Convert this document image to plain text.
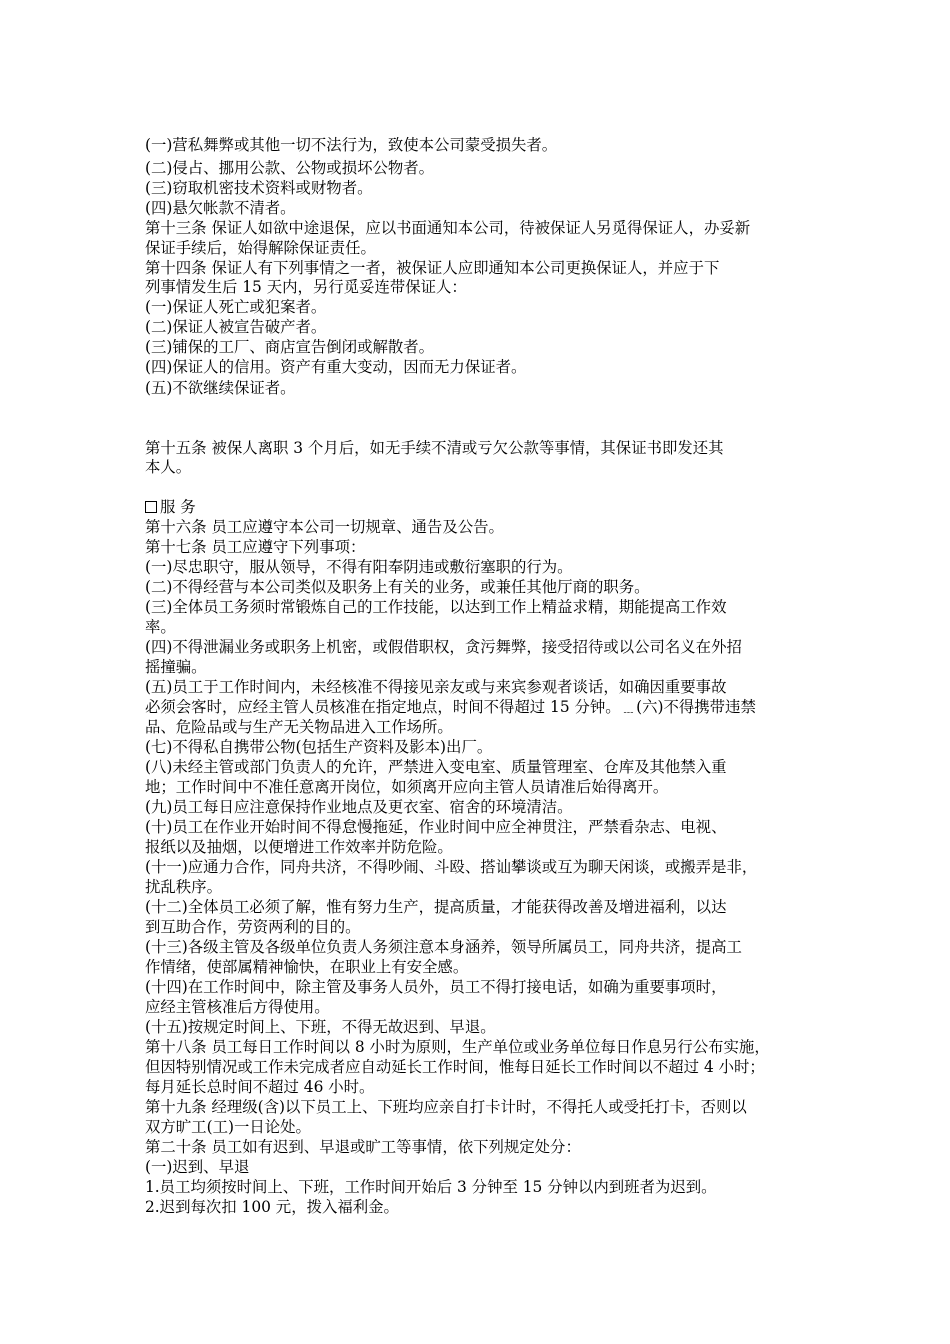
(一)营私舞弊或其他一切不法行为，致使本公司蒙受损失者。
(二)侵占、挪用公款、公物或损坏公物者。
(三)窃取机密技术资料或财物者。
(四)悬欠帐款不清者。
第十三条 保证人如欲中途退保，应以书面通知本公司，待被保证人另觅得保证人，办妥新
保证手续后，始得解除保证责任。
第十四条 保证人有下列事情之一者，被保证人应即通知本公司更换保证人，并应于下
列事情发生后 15 天内，另行觅妥连带保证人：
(一)保证人死亡或犯案者。
(二)保证人被宣告破产者。
(三)铺保的工厂、商店宣告倒闭或解散者。
(四)保证人的信用。资产有重大变动，因而无力保证者。
(五)不欲继续保证者。
第十五条 被保人离职 3 个月后，如无手续不清或亏欠公款等事情，其保证书即发还其
本人。
服 务
第十六条 员工应遵守本公司一切规章、通告及公告。
第十七条 员工应遵守下列事项：
(一)尽忠职守，服从领导，不得有阳奉阴违或敷衍塞职的行为。
(二)不得经营与本公司类似及职务上有关的业务，或兼任其他厅商的职务。
(三)全体员工务须时常锻炼自己的工作技能，以达到工作上精益求精，期能提高工作效
率。
(四)不得泄漏业务或职务上机密，或假借职权，贪污舞弊，接受招待或以公司名义在外招
摇撞骗。
(五)员工于工作时间内，未经核准不得接见亲友或与来宾参观者谈话，如确因重要事故
必须会客时，应经主管人员核准在指定地点，时间不得超过 15 分钟。﹍(六)不得携带违禁
品、危险品或与生产无关物品进入工作场所。
(七)不得私自携带公物(包括生产资料及影本)出厂。
(八)未经主管或部门负责人的允许，严禁进入变电室、质量管理室、仓库及其他禁入重
地；工作时间中不准任意离开岗位，如须离开应向主管人员请准后始得离开。
(九)员工每日应注意保持作业地点及更衣室、宿舍的环境清洁。
(十)员工在作业开始时间不得怠慢拖延，作业时间中应全神贯注，严禁看杂志、电视、
报纸以及抽烟，以便增进工作效率并防危险。
(十一)应通力合作，同舟共济，不得吵闹、斗殴、搭讪攀谈或互为聊天闲谈，或搬弄是非，
扰乱秩序。
(十二)全体员工必须了解，惟有努力生产，提高质量，才能获得改善及增进福利，以达
到互助合作，劳资两利的目的。
(十三)各级主管及各级单位负责人务须注意本身涵养，领导所属员工，同舟共济，提高工
作情绪，使部属精神愉快，在职业上有安全感。
(十四)在工作时间中，除主管及事务人员外，员工不得打接电话，如确为重要事项时，
应经主管核准后方得使用。
(十五)按规定时间上、下班，不得无故迟到、早退。
第十八条 员工每日工作时间以 8 小时为原则，生产单位或业务单位每日作息另行公布实施，
但因特别情况或工作未完成者应自动延长工作时间，惟每日延长工作时间以不超过 4 小时；
每月延长总时间不超过 46 小时。
第十九条 经理级(含)以下员工上、下班均应亲自打卡计时，不得托人或受托打卡，否则以
双方旷工(工)一日论处。
第二十条 员工如有迟到、早退或旷工等事情，依下列规定处分：
(一)迟到、早退
1.员工均须按时间上、下班，工作时间开始后 3 分钟至 15 分钟以内到班者为迟到。
2.迟到每次扣 100 元，拨入福利金。
